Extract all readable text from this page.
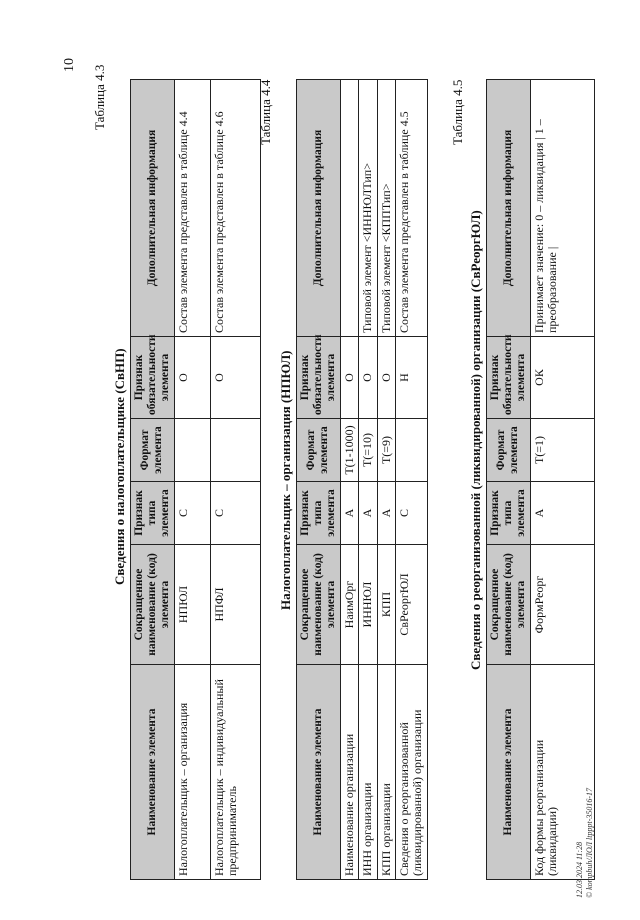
10 Таблица 4.3
Сведения о налогоплательщике (СвНП)
Наименование элемента	Сокращенное наименование (код) элемента	Признак типа элемента	Формат элемента	Признак обязательности элемента	Дополнительная информация
Налогоплательщик – организация	НПЮЛ	С		О	Состав элемента представлен в таблице 4.4
Налогоплательщик – индивидуальный предприниматель	НПФЛ	С		О	Состав элемента представлен в таблице 4.6 Таблица 4.4
Налогоплательщик – организация (НПЮЛ)
Наименование элемента	Сокращенное наименование (код) элемента	Признак типа элемента	Формат элемента	Признак обязательности элемента	Дополнительная информация
Наименование организации	НаимОрг	А	T(1-1000)	О	
ИНН организации	ИННЮЛ	А	T(=10)	О	Типовой элемент <ИННЮЛТип>
КПП организации	КПП	А	T(=9)	О	Типовой элемент <КППТип>
Сведения о реорганизованной (ликвидированной) организации	СвРеоргЮЛ	С		Н	Состав элемента представлен в таблице 4.5	Таблица 4.5
Сведения о реорганизованной (ликвидированной) организации (СвРеоргЮЛ)
Наименование элемента	Сокращенное наименование (код) элемента	Признак типа элемента	Формат элемента	Признак обязательности элемента	Дополнительная информация
Код формы реорганизации (ликвидации)	ФормРеорг	А	T(=1)	ОК	Принимает значение: 0 – ликвидация | 1 – преобразование |
12.03.2024 11:28 © kompbuh/ЛОЛ ltpppt-35016-17
